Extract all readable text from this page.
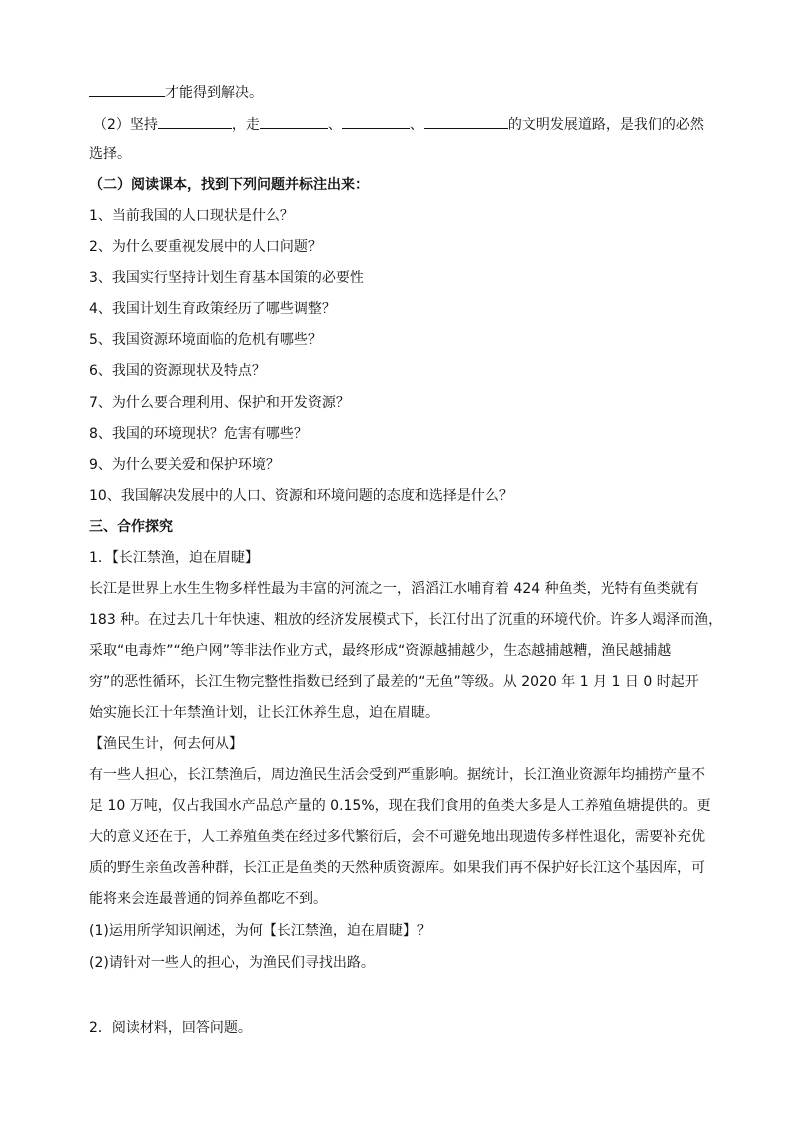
才能得到解决。
（2）坚持	，走	、	、	的文明发展道路，是我们的必然
选择。
（二）阅读课本，找到下列问题并标注出来：
1、当前我国的人口现状是什么？
2、为什么要重视发展中的人口问题？
3、我国实行坚持计划生育基本国策的必要性
4、我国计划生育政策经历了哪些调整？
5、我国资源环境面临的危机有哪些？
6、我国的资源现状及特点？
7、为什么要合理利用、保护和开发资源？
8、我国的环境现状？危害有哪些？
9、为什么要关爱和保护环境？
10、我国解决发展中的人口、资源和环境问题的态度和选择是什么？
三、合作探究
1．【长江禁渔，迫在眉睫】
长江是世界上水生生物多样性最为丰富的河流之一，滔滔江水哺育着 424 种鱼类，光特有鱼类就有
183 种。在过去几十年快速、粗放的经济发展模式下，长江付出了沉重的环境代价。许多人竭泽而渔，
采取“电毒炸”“绝户网”等非法作业方式，最终形成“资源越捕越少，生态越捕越糟，渔民越捕越
穷”的恶性循环，长江生物完整性指数已经到了最差的“无鱼”等级。从 2020 年 1 月 1 日 0 时起开
始实施长江十年禁渔计划，让长江休养生息，迫在眉睫。
【渔民生计，何去何从】
有一些人担心，长江禁渔后，周边渔民生活会受到严重影响。据统计，长江渔业资源年均捕捞产量不
足 10 万吨，仅占我国水产品总产量的 0.15%，现在我们食用的鱼类大多是人工养殖鱼塘提供的。更
大的意义还在于，人工养殖鱼类在经过多代繁衍后，会不可避免地出现遗传多样性退化，需要补充优
质的野生亲鱼改善种群，长江正是鱼类的天然种质资源库。如果我们再不保护好长江这个基因库，可
能将来会连最普通的饲养鱼都吃不到。
(1)运用所学知识阐述，为何【长江禁渔，迫在眉睫】？
(2)请针对一些人的担心，为渔民们寻找出路。
2．阅读材料，回答问题。
